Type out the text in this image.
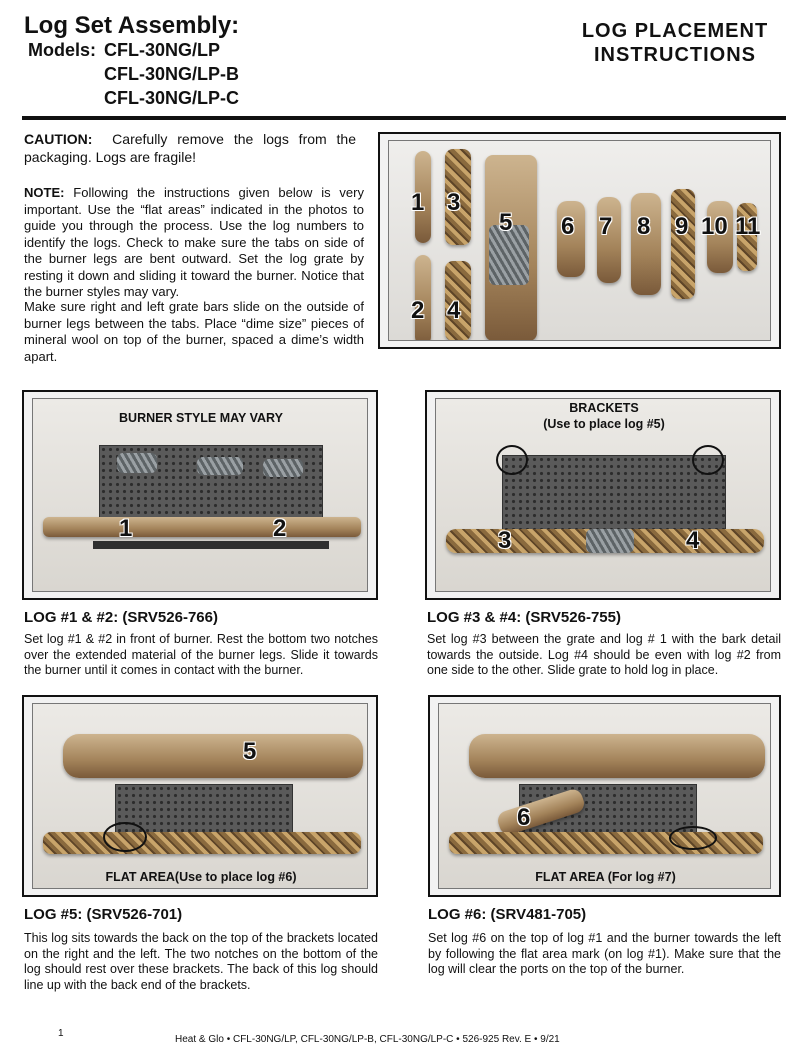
Log Set Assembly:
Models: CFL-30NG/LP
CFL-30NG/LP-B
CFL-30NG/LP-C
LOG PLACEMENT
INSTRUCTIONS
CAUTION: Carefully remove the logs from the packaging. Logs are fragile!
NOTE: Following the instructions given below is very important. Use the “flat areas” indicated in the photos to guide you through the process. Use the log numbers to identify the logs. Check to make sure the tabs on side of the burner legs are bent outward. Set the log grate by resting it down and sliding it toward the burner. Notice that the burner styles may vary.
Make sure right and left grate bars slide on the outside of burner legs between the tabs. Place “dime size” pieces of mineral wool on top of the burner, spaced a dime’s width apart.
1 3
5 6 7 8 9 10 11
2 4
BURNER STYLE MAY VARY
1	2
LOG #1 & #2: (SRV526-766)
Set log #1 & #2 in front of burner. Rest the bottom two notches over the extended material of the burner legs. Slide it towards the burner until it comes in contact with the burner.
BRACKETS
(Use to place log #5)
3	4
LOG #3 & #4: (SRV526-755)
Set log #3 between the grate and log # 1 with the bark detail towards the outside. Log #4 should be even with log #2 from one side to the other. Slide grate to hold log in place.
5
FLAT AREA(Use to place log #6)
LOG #5: (SRV526-701)
This log sits towards the back on the top of the brackets located on the right and the left. The two notches on the bottom of the log should rest over these brackets. The back of this log should line up with the back end of the brackets.
6
FLAT AREA (For log #7)
LOG #6: (SRV481-705)
Set log #6 on the top of log #1 and the burner towards the left by following the flat area mark (on log #1). Make sure that the log will clear the ports on the top of the burner.
1
Heat & Glo • CFL-30NG/LP, CFL-30NG/LP-B, CFL-30NG/LP-C • 526-925 Rev. E • 9/21
